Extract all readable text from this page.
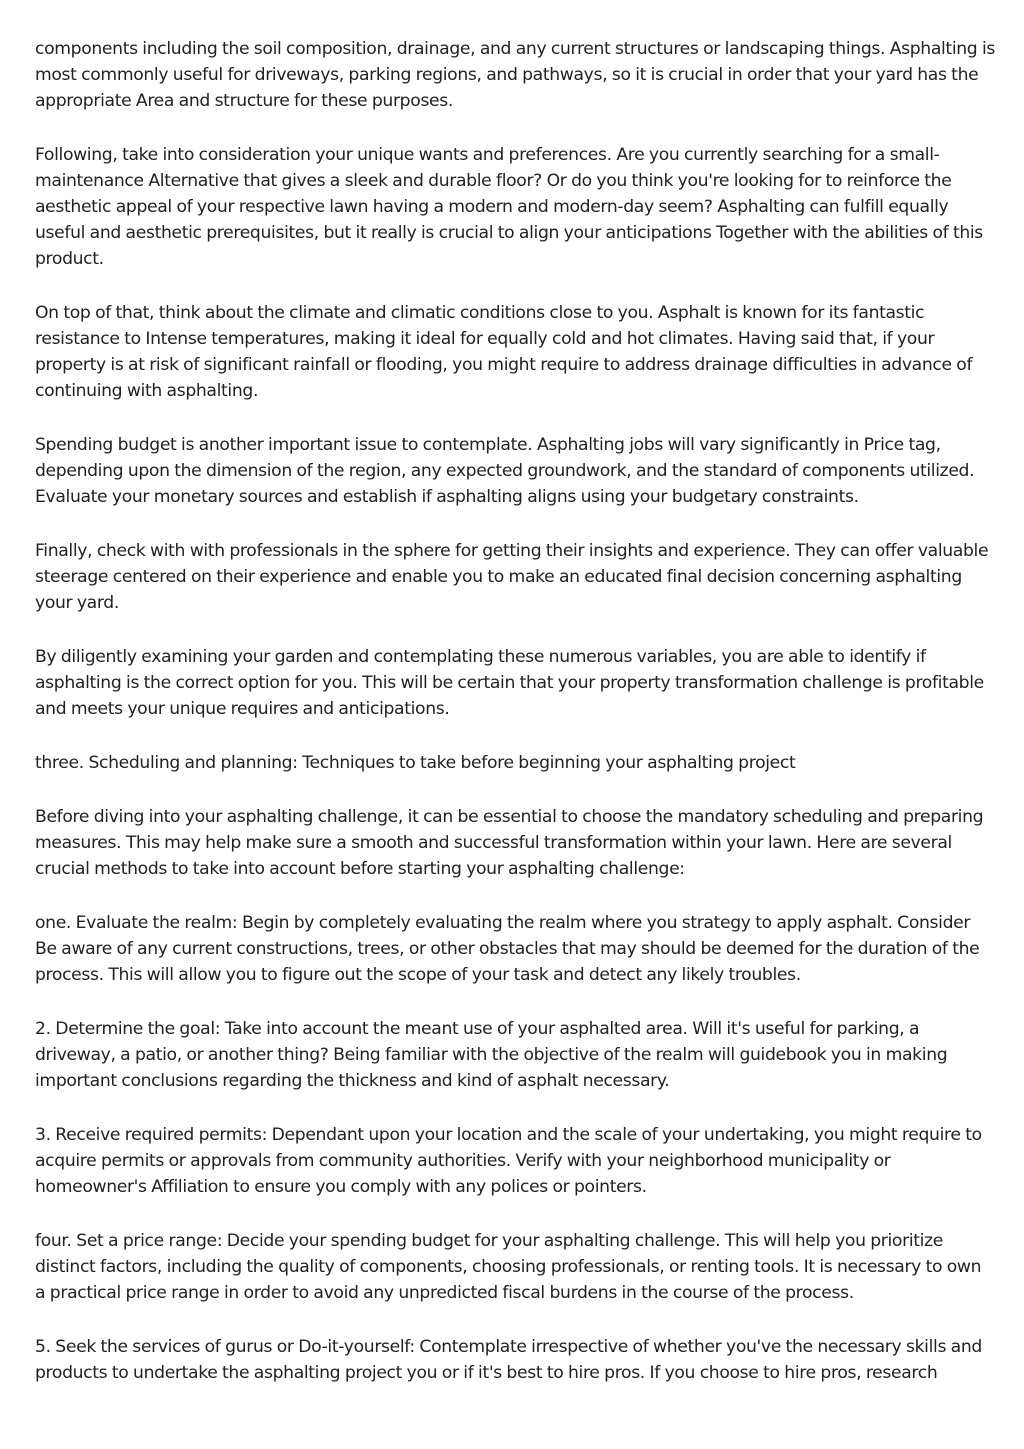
components including the soil composition, drainage, and any current structures or landscaping things. Asphalting is most commonly useful for driveways, parking regions, and pathways, so it is crucial in order that your yard has the appropriate Area and structure for these purposes.

Following, take into consideration your unique wants and preferences. Are you currently searching for a small-maintenance Alternative that gives a sleek and durable floor? Or do you think you're looking for to reinforce the aesthetic appeal of your respective lawn having a modern and modern-day seem? Asphalting can fulfill equally useful and aesthetic prerequisites, but it really is crucial to align your anticipations Together with the abilities of this product.

On top of that, think about the climate and climatic conditions close to you. Asphalt is known for its fantastic resistance to Intense temperatures, making it ideal for equally cold and hot climates. Having said that, if your property is at risk of significant rainfall or flooding, you might require to address drainage difficulties in advance of continuing with asphalting.

Spending budget is another important issue to contemplate. Asphalting jobs will vary significantly in Price tag, depending upon the dimension of the region, any expected groundwork, and the standard of components utilized. Evaluate your monetary sources and establish if asphalting aligns using your budgetary constraints.

Finally, check with with professionals in the sphere for getting their insights and experience. They can offer valuable steerage centered on their experience and enable you to make an educated final decision concerning asphalting your yard.

By diligently examining your garden and contemplating these numerous variables, you are able to identify if asphalting is the correct option for you. This will be certain that your property transformation challenge is profitable and meets your unique requires and anticipations.

three. Scheduling and planning: Techniques to take before beginning your asphalting project

Before diving into your asphalting challenge, it can be essential to choose the mandatory scheduling and preparing measures. This may help make sure a smooth and successful transformation within your lawn. Here are several crucial methods to take into account before starting your asphalting challenge:

one. Evaluate the realm: Begin by completely evaluating the realm where you strategy to apply asphalt. Consider Be aware of any current constructions, trees, or other obstacles that may should be deemed for the duration of the process. This will allow you to figure out the scope of your task and detect any likely troubles.

2. Determine the goal: Take into account the meant use of your asphalted area. Will it's useful for parking, a driveway, a patio, or another thing? Being familiar with the objective of the realm will guidebook you in making important conclusions regarding the thickness and kind of asphalt necessary.

3. Receive required permits: Dependant upon your location and the scale of your undertaking, you might require to acquire permits or approvals from community authorities. Verify with your neighborhood municipality or homeowner's Affiliation to ensure you comply with any polices or pointers.

four. Set a price range: Decide your spending budget for your asphalting challenge. This will help you prioritize distinct factors, including the quality of components, choosing professionals, or renting tools. It is necessary to own a practical price range in order to avoid any unpredicted fiscal burdens in the course of the process.

5. Seek the services of gurus or Do-it-yourself: Contemplate irrespective of whether you've the necessary skills and products to undertake the asphalting project you or if it's best to hire pros. If you choose to hire pros, research
